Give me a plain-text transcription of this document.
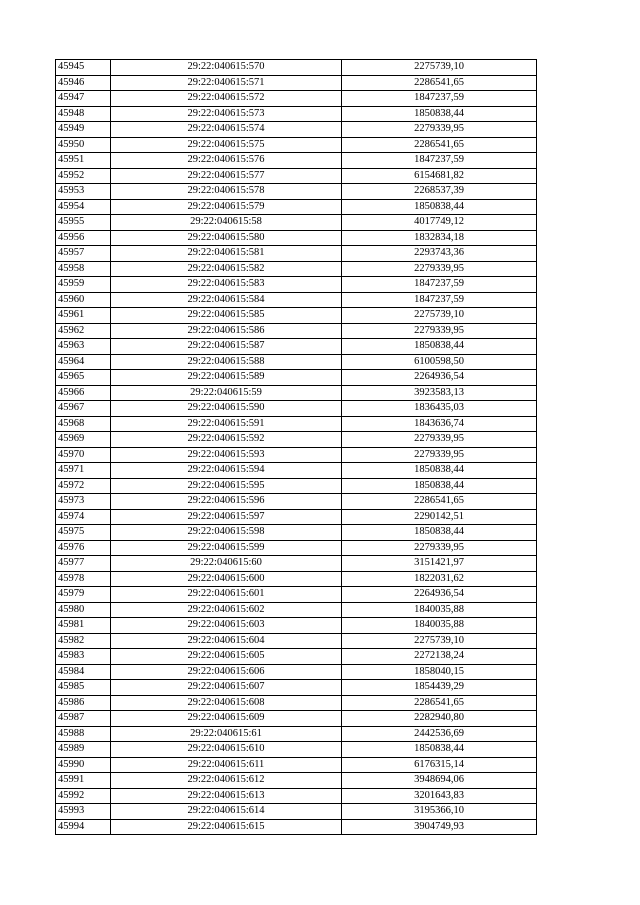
45945	29:22:040615:570	2275739,10
45946	29:22:040615:571	2286541,65
45947	29:22:040615:572	1847237,59
45948	29:22:040615:573	1850838,44
45949	29:22:040615:574	2279339,95
45950	29:22:040615:575	2286541,65
45951	29:22:040615:576	1847237,59
45952	29:22:040615:577	6154681,82
45953	29:22:040615:578	2268537,39
45954	29:22:040615:579	1850838,44
45955	29:22:040615:58	4017749,12
45956	29:22:040615:580	1832834,18
45957	29:22:040615:581	2293743,36
45958	29:22:040615:582	2279339,95
45959	29:22:040615:583	1847237,59
45960	29:22:040615:584	1847237,59
45961	29:22:040615:585	2275739,10
45962	29:22:040615:586	2279339,95
45963	29:22:040615:587	1850838,44
45964	29:22:040615:588	6100598,50
45965	29:22:040615:589	2264936,54
45966	29:22:040615:59	3923583,13
45967	29:22:040615:590	1836435,03
45968	29:22:040615:591	1843636,74
45969	29:22:040615:592	2279339,95
45970	29:22:040615:593	2279339,95
45971	29:22:040615:594	1850838,44
45972	29:22:040615:595	1850838,44
45973	29:22:040615:596	2286541,65
45974	29:22:040615:597	2290142,51
45975	29:22:040615:598	1850838,44
45976	29:22:040615:599	2279339,95
45977	29:22:040615:60	3151421,97
45978	29:22:040615:600	1822031,62
45979	29:22:040615:601	2264936,54
45980	29:22:040615:602	1840035,88
45981	29:22:040615:603	1840035,88
45982	29:22:040615:604	2275739,10
45983	29:22:040615:605	2272138,24
45984	29:22:040615:606	1858040,15
45985	29:22:040615:607	1854439,29
45986	29:22:040615:608	2286541,65
45987	29:22:040615:609	2282940,80
45988	29:22:040615:61	2442536,69
45989	29:22:040615:610	1850838,44
45990	29:22:040615:611	6176315,14
45991	29:22:040615:612	3948694,06
45992	29:22:040615:613	3201643,83
45993	29:22:040615:614	3195366,10
45994	29:22:040615:615	3904749,93
